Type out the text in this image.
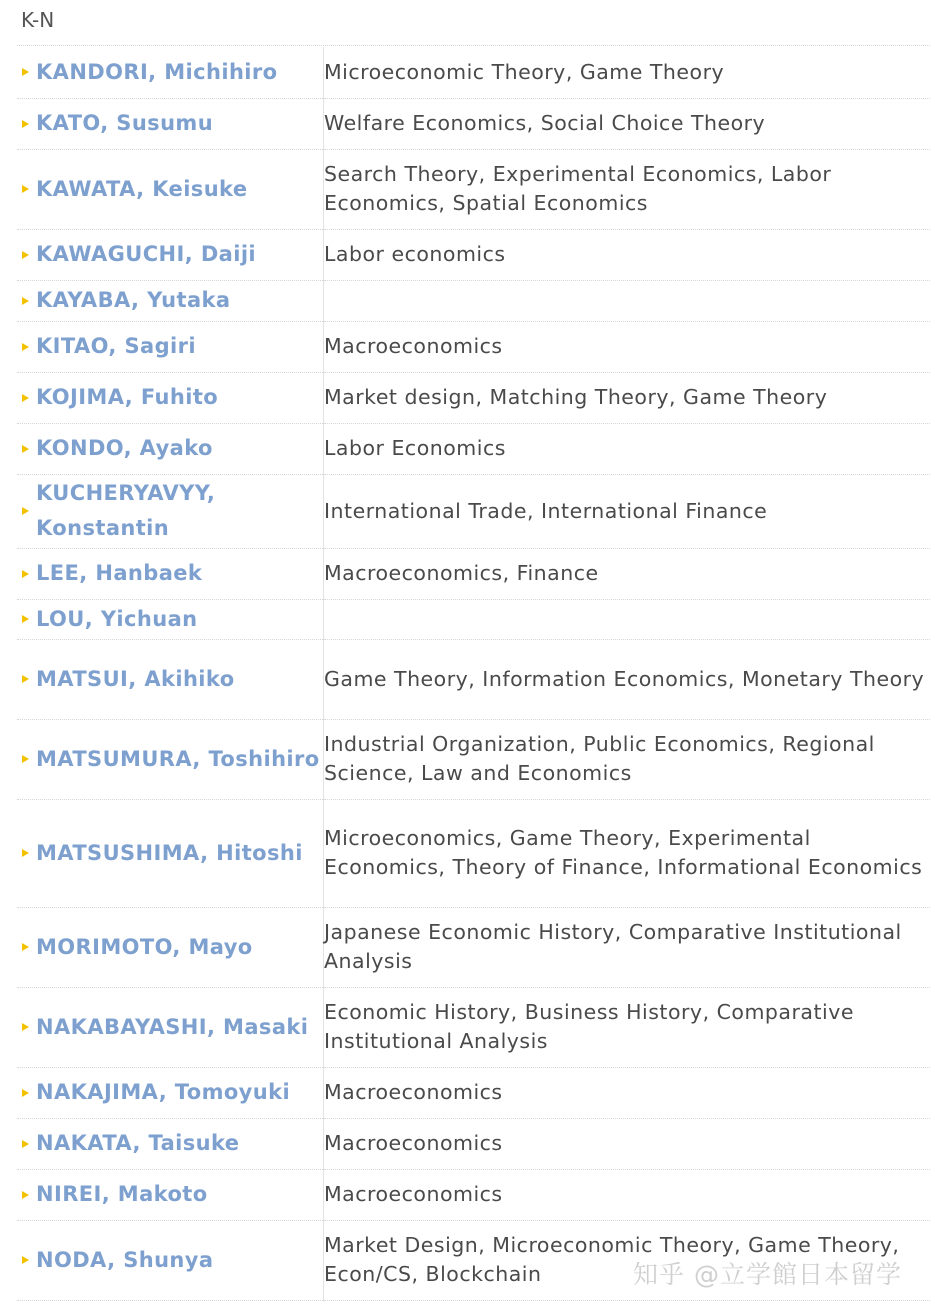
K-N
KANDORI, Michihiro	Microeconomic Theory, Game Theory

KATO, Susumu	Welfare Economics, Social Choice Theory

KAWATA, Keisuke	Search Theory, Experimental Economics, Labor Economics, Spatial Economics

KAWAGUCHI, Daiji	Labor economics

KAYABA, Yutaka	

KITAO, Sagiri	Macroeconomics

KOJIMA, Fuhito	Market design, Matching Theory, Game Theory

KONDO, Ayako	Labor Economics

KUCHERYAVYY, Konstantin	International Trade, International Finance

LEE, Hanbaek	Macroeconomics, Finance

LOU, Yichuan	

MATSUI, Akihiko	Game Theory, Information Economics, Monetary Theory

MATSUMURA, Toshihiro	Industrial Organization, Public Economics, Regional Science, Law and Economics

MATSUSHIMA, Hitoshi	Microeconomics, Game Theory, Experimental Economics, Theory of Finance, Informational Economics

MORIMOTO, Mayo	Japanese Economic History, Comparative Institutional Analysis

NAKABAYASHI, Masaki	Economic History, Business History, Comparative Institutional Analysis

NAKAJIMA, Tomoyuki	Macroeconomics

NAKATA, Taisuke	Macroeconomics

NIREI, Makoto	Macroeconomics

NODA, Shunya	Market Design, Microeconomic Theory, Game Theory, Econ/CS, Blockchain	知乎 @立学館日本留学
